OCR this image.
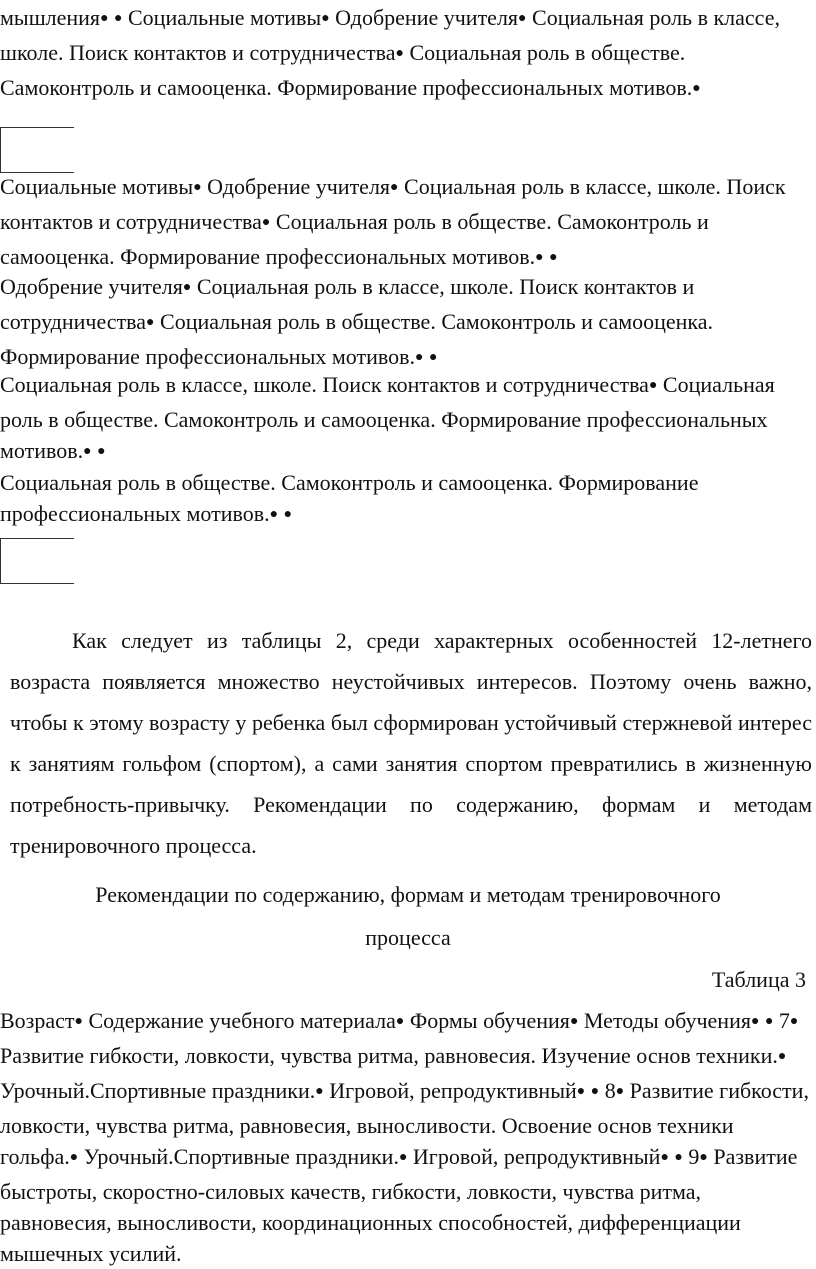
мышления● ● Социальные мотивы● Одобрение учителя● Социальная роль в классе, школе. Поиск контактов и сотрудничества● Социальная роль в обществе. Самоконтроль и самооценка. Формирование профессиональных мотивов.●
Социальные мотивы● Одобрение учителя● Социальная роль в классе, школе. Поиск контактов и сотрудничества● Социальная роль в обществе. Самоконтроль и самооценка. Формирование профессиональных мотивов.● ●
Одобрение учителя● Социальная роль в классе, школе. Поиск контактов и сотрудничества● Социальная роль в обществе. Самоконтроль и самооценка. Формирование профессиональных мотивов.● ●
Социальная роль в классе, школе. Поиск контактов и сотрудничества● Социальная роль в обществе. Самоконтроль и самооценка. Формирование профессиональных мотивов.● ●
Социальная роль в обществе. Самоконтроль и самооценка. Формирование профессиональных мотивов.● ●
Как следует из таблицы 2, среди характерных особенностей 12-летнего возраста появляется множество неустойчивых интересов. Поэтому очень важно, чтобы к этому возрасту у ребенка был сформирован устойчивый стержневой интерес к занятиям гольфом (спортом), а сами занятия спортом превратились в жизненную потребность-привычку. Рекомендации по содержанию, формам и методам тренировочного процесса.
Рекомендации по содержанию, формам и методам тренировочного
процесса
Таблица 3
Возраст● Содержание учебного материала● Формы обучения● Методы обучения● ● 7● Развитие гибкости, ловкости, чувства ритма, равновесия. Изучение основ техники.● Урочный.Спортивные праздники.● Игровой, репродуктивный● ● 8● Развитие гибкости, ловкости, чувства ритма, равновесия, выносливости. Освоение основ техники гольфа.● Урочный.Спортивные праздники.● Игровой, репродуктивный● ● 9● Развитие быстроты, скоростно-силовых качеств, гибкости, ловкости, чувства ритма, равновесия, выносливости, координационных способностей, дифференциации мышечных усилий.
